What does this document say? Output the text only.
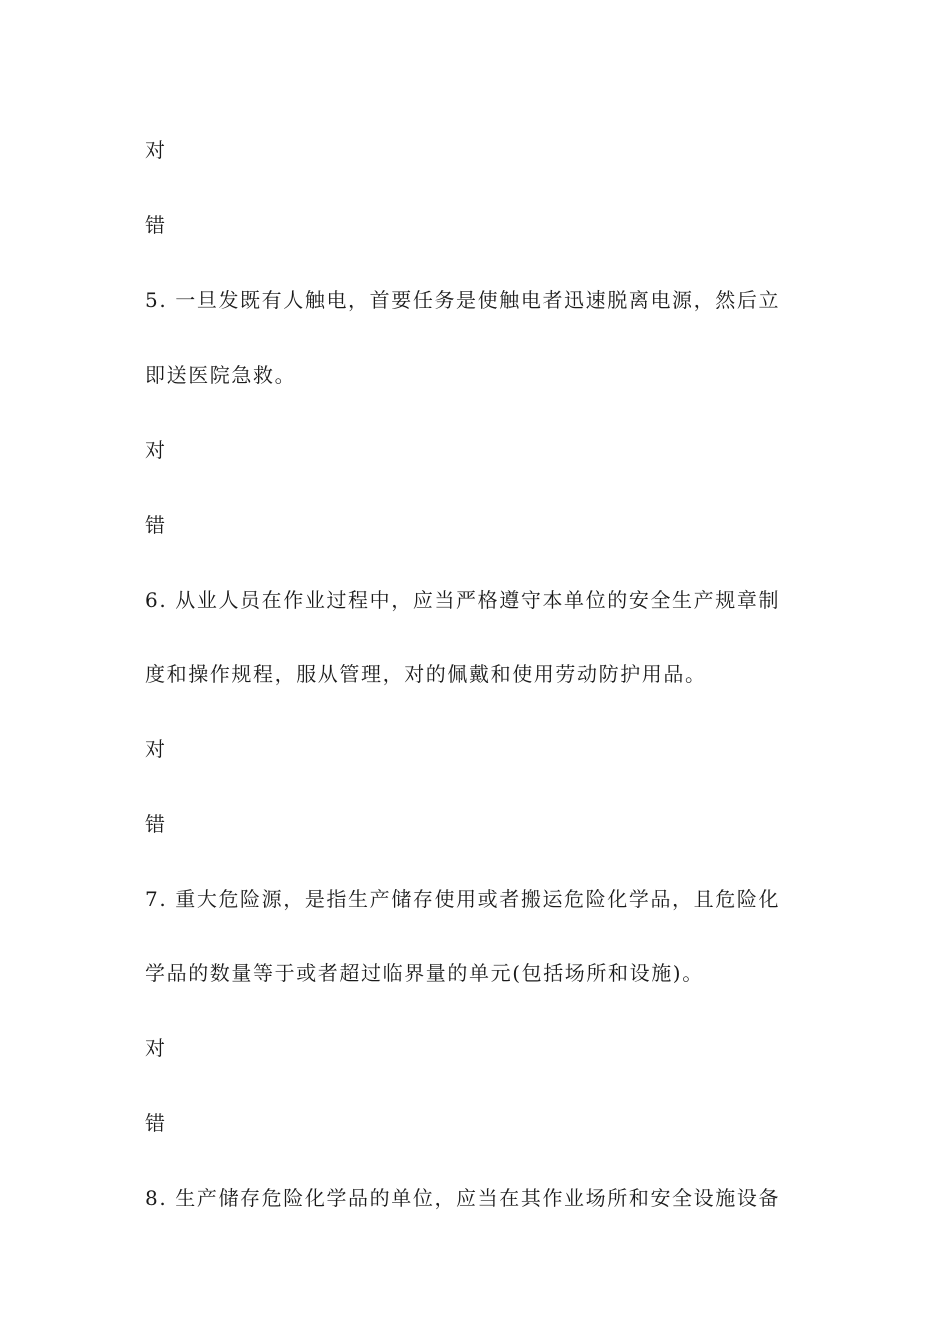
对
错
5. 一旦发既有人触电，首要任务是使触电者迅速脱离电源，然后立
即送医院急救。
对
错
6. 从业人员在作业过程中，应当严格遵守本单位的安全生产规章制
度和操作规程，服从管理，对的佩戴和使用劳动防护用品。
对
错
7. 重大危险源，是指生产储存使用或者搬运危险化学品，且危险化
学品的数量等于或者超过临界量的单元(包括场所和设施)。
对
错
8. 生产储存危险化学品的单位，应当在其作业场所和安全设施设备
